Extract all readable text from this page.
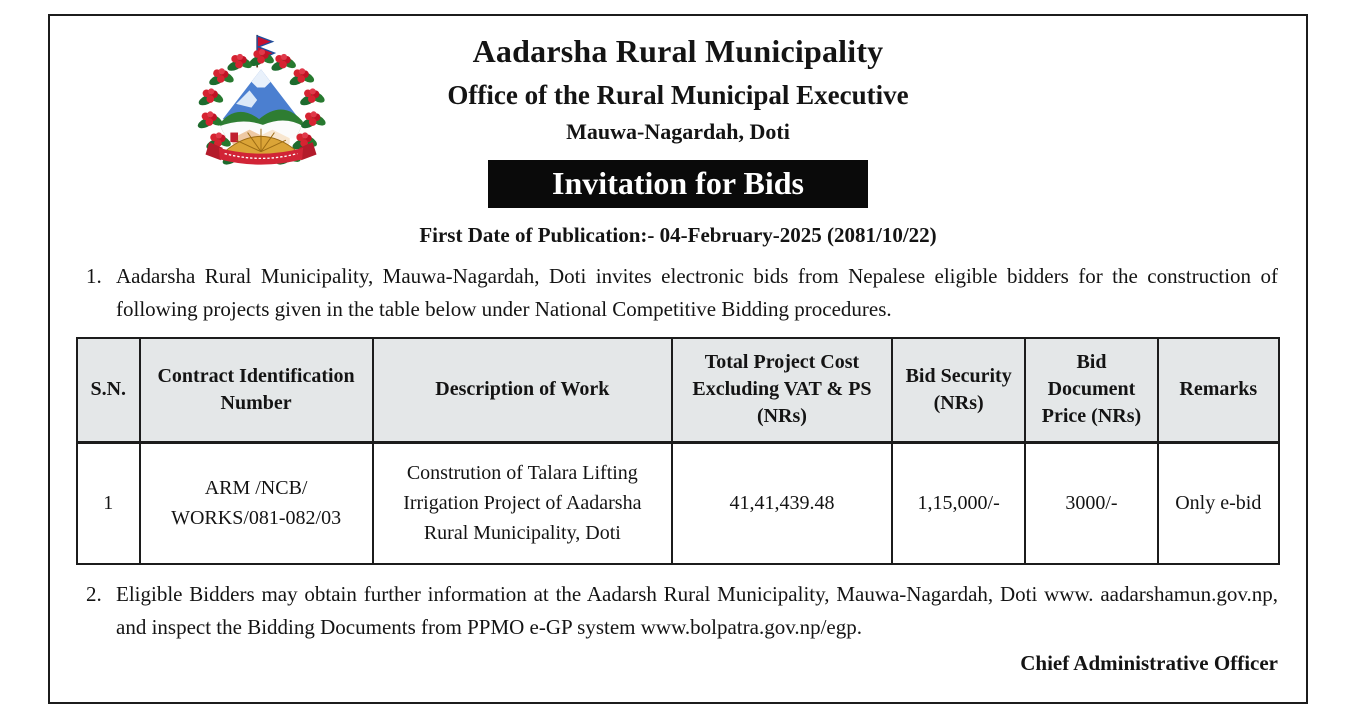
Aadarsha Rural Municipality
Office of the Rural Municipal Executive
Mauwa-Nagardah, Doti
Invitation for Bids
First Date of Publication:- 04-February-2025 (2081/10/22)
1. Aadarsha Rural Municipality, Mauwa-Nagardah, Doti invites electronic bids from Nepalese eligible bidders for the construction of following projects given in the table below under National Competitive Bidding procedures.
S.N.	Contract Identification Number	Description of Work	Total Project Cost Excluding VAT & PS (NRs)	Bid Security (NRs)	Bid Document Price (NRs)	Remarks
1	ARM /NCB/ WORKS/081-082/03	Constrution of Talara Lifting Irrigation Project of Aadarsha Rural Municipality, Doti	41,41,439.48	1,15,000/-	3000/-	Only e-bid
2. Eligible Bidders may obtain further information at the Aadarsh Rural Municipality, Mauwa-Nagardah, Doti www. aadarshamun.gov.np, and inspect the Bidding Documents from PPMO e-GP system www.bolpatra.gov.np/egp.
Chief Administrative Officer
